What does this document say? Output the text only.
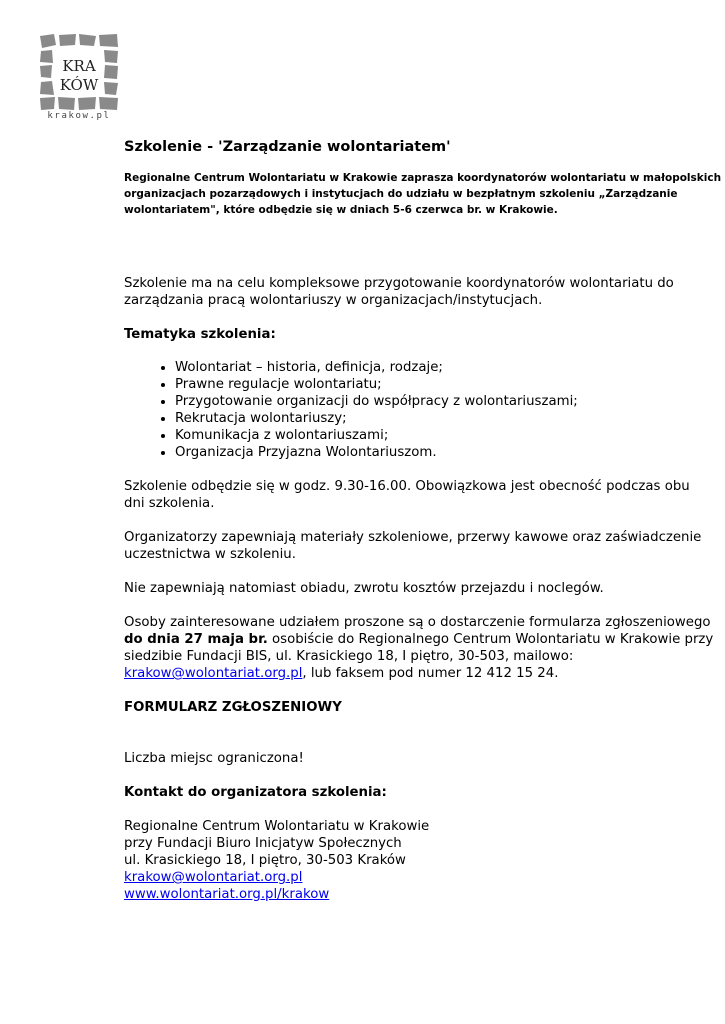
KRA
KÓW
krakow.pl
Szkolenie - 'Zarządzanie wolontariatem'
Regionalne Centrum Wolontariatu w Krakowie zaprasza koordynatorów wolontariatu w małopolskich organizacjach pozarządowych i instytucjach do udziału w bezpłatnym szkoleniu „Zarządzanie wolontariatem", które odbędzie się w dniach 5-6 czerwca br. w Krakowie.

Szkolenie ma na celu kompleksowe przygotowanie koordynatorów wolontariatu do zarządzania pracą wolontariuszy w organizacjach/instytucjach.

Tematyka szkolenia:

• Wolontariat – historia, definicja, rodzaje;
• Prawne regulacje wolontariatu;
• Przygotowanie organizacji do współpracy z wolontariuszami;
• Rekrutacja wolontariuszy;
• Komunikacja z wolontariuszami;
• Organizacja Przyjazna Wolontariuszom.

Szkolenie odbędzie się w godz. 9.30-16.00. Obowiązkowa jest obecność podczas obu dni szkolenia.

Organizatorzy zapewniają materiały szkoleniowe, przerwy kawowe oraz zaświadczenie uczestnictwa w szkoleniu.

Nie zapewniają natomiast obiadu, zwrotu kosztów przejazdu i noclegów.

Osoby zainteresowane udziałem proszone są o dostarczenie formularza zgłoszeniowego do dnia 27 maja br. osobiście do Regionalnego Centrum Wolontariatu w Krakowie przy siedzibie Fundacji BIS, ul. Krasickiego 18, I piętro, 30-503, mailowo: krakow@wolontariat.org.pl, lub faksem pod numer 12 412 15 24.

FORMULARZ ZGŁOSZENIOWY

Liczba miejsc ograniczona!

Kontakt do organizatora szkolenia:

Regionalne Centrum Wolontariatu w Krakowie

przy Fundacji Biuro Inicjatyw Społecznych

ul. Krasickiego 18, I piętro, 30-503 Kraków

krakow@wolontariat.org.pl

www.wolontariat.org.pl/krakow
